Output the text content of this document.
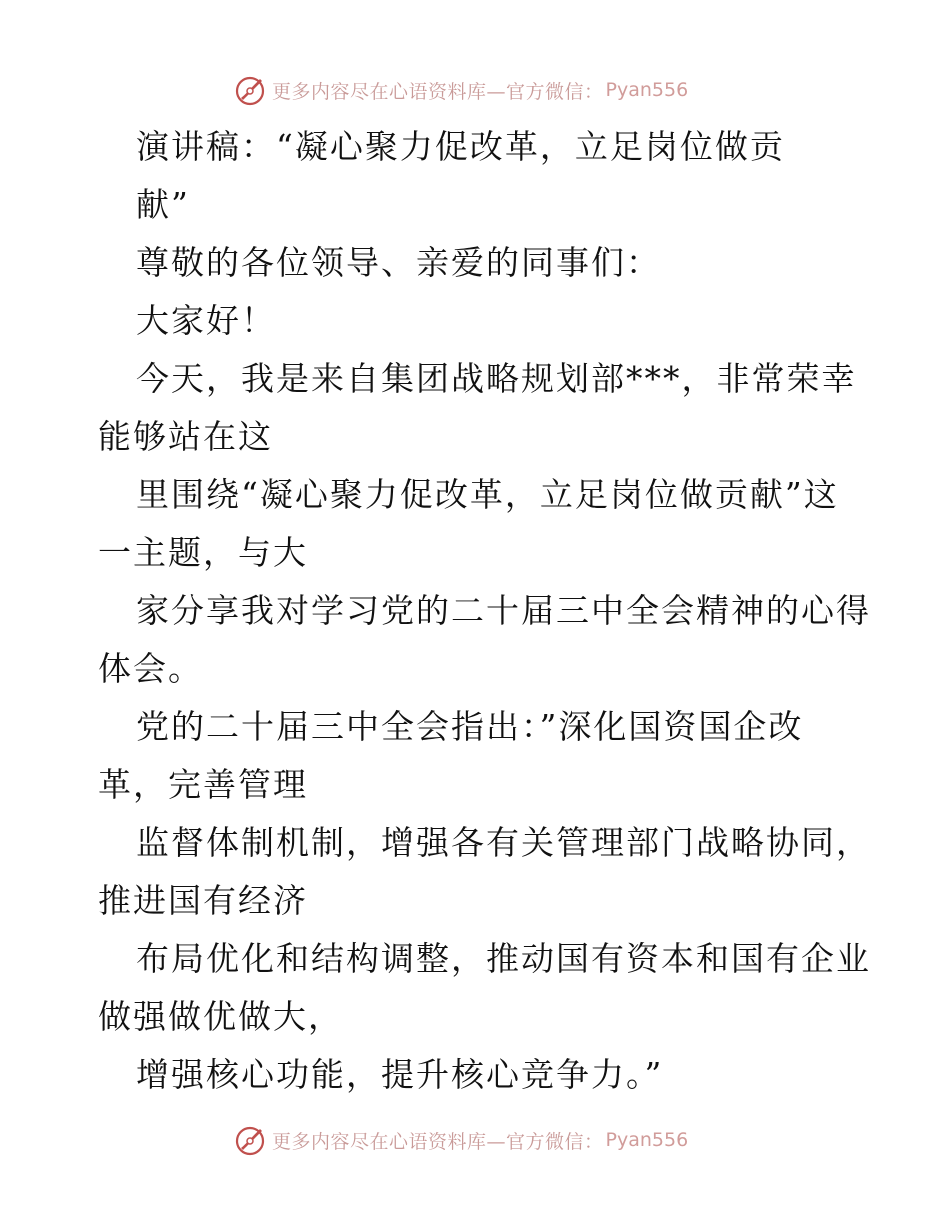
更多内容尽在心语资料库—官方微信： Pyan556
演讲稿：“凝心聚力促改革，立足岗位做贡
献”
尊敬的各位领导、亲爱的同事们：
大家好！
今天，我是来自集团战略规划部***，非常荣幸
能够站在这
里围绕“凝心聚力促改革，立足岗位做贡献”这
一主题，与大
家分享我对学习党的二十届三中全会精神的心得
体会。
党的二十届三中全会指出：”深化国资国企改
革，完善管理
监督体制机制，增强各有关管理部门战略协同，
推进国有经济
布局优化和结构调整，推动国有资本和国有企业
做强做优做大，
增强核心功能，提升核心竞争力。”
更多内容尽在心语资料库—官方微信： Pyan556
